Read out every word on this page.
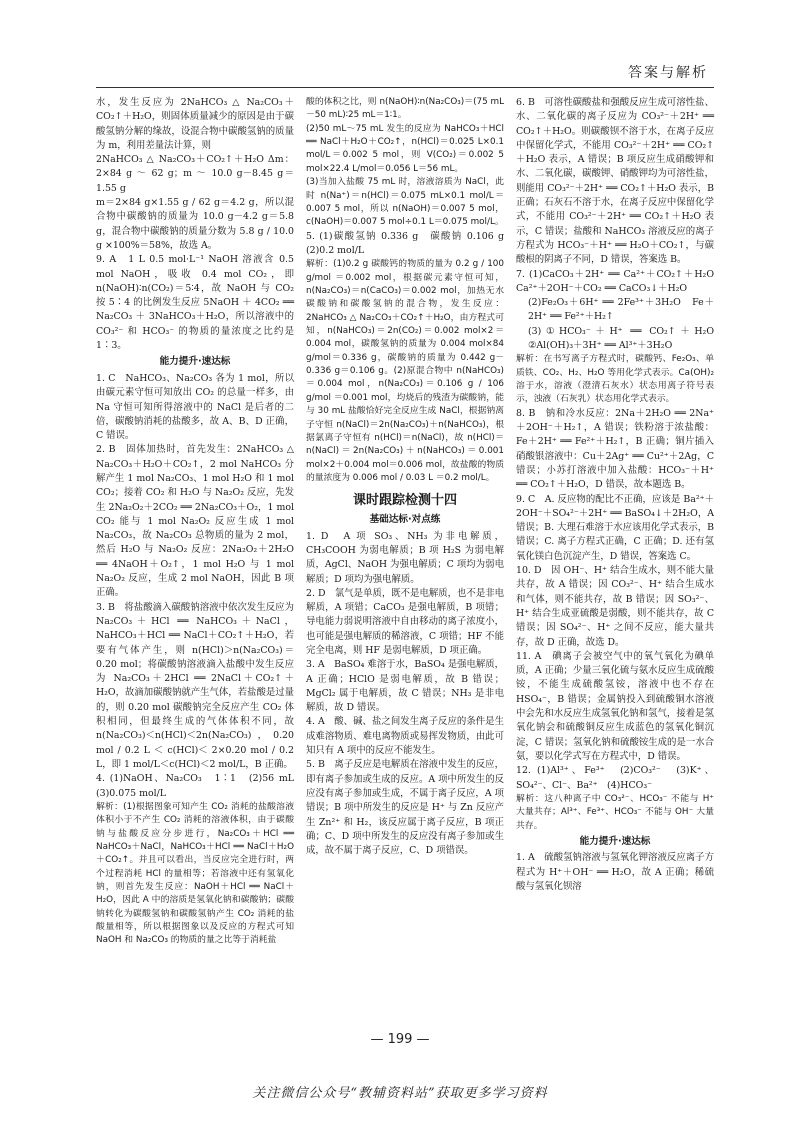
答案与解析

水，发生反应为 2NaHCO₃ △ Na₂CO₃＋CO₂↑＋H₂O，则固体质量减少的原因是由于碳酸氢钠分解的缘故，设混合物中碳酸氢钠的质量为 m，利用差量法计算，则

2NaHCO₃ △ Na₂CO₃＋CO₂↑＋H₂O Δm：2×84 g ～ 62 g；m ～ 10.0 g－8.45 g＝1.55 g

m＝2×84 g×1.55 g / 62 g＝4.2 g，所以混合物中碳酸钠的质量为 10.0 g－4.2 g＝5.8 g，混合物中碳酸钠的质量分数为 5.8 g / 10.0 g ×100%＝58%，故选 A。

9. A　1 L 0.5 mol·L⁻¹ NaOH 溶液含 0.5 mol NaOH，吸收 0.4 mol CO₂，即 n(NaOH)∶n(CO₂)＝5∶4，故 NaOH 与 CO₂ 按 5∶4 的比例发生反应 5NaOH ＋ 4CO₂ ══ Na₂CO₃ ＋ 3NaHCO₃＋H₂O，所以溶液中的 CO₃²⁻ 和 HCO₃⁻ 的物质的量浓度之比约是 1∶3。

能力提升·速达标

1. C　NaHCO₃、Na₂CO₃ 各为 1 mol，所以由碳元素守恒可知放出 CO₂ 的总量一样多，由 Na 守恒可知所得溶液中的 NaCl 是后者的二倍，碳酸钠消耗的盐酸多，故 A、B、D 正确，C 错误。

2. B　固体加热时，首先发生：2NaHCO₃ △ Na₂CO₃＋H₂O＋CO₂↑，2 mol NaHCO₃ 分解产生 1 mol Na₂CO₃、1 mol H₂O 和 1 mol CO₂；接着 CO₂ 和 H₂O 与 Na₂O₂ 反应，先发生 2Na₂O₂＋2CO₂ ══ 2Na₂CO₃＋O₂，1 mol CO₂ 能与 1 mol Na₂O₂ 反应生成 1 mol Na₂CO₃，故 Na₂CO₃ 总物质的量为 2 mol，然后 H₂O 与 Na₂O₂ 反应：2Na₂O₂＋2H₂O ══ 4NaOH＋O₂↑，1 mol H₂O 与 1 mol Na₂O₂ 反应，生成 2 mol NaOH，因此 B 项正确。

3. B　将盐酸滴入碳酸钠溶液中依次发生反应为 Na₂CO₃＋HCl ══ NaHCO₃＋NaCl，NaHCO₃＋HCl ══ NaCl＋CO₂↑＋H₂O，若要有气体产生，则 n(HCl)＞n(Na₂CO₃)＝0.20 mol；将碳酸钠溶液滴入盐酸中发生反应为 Na₂CO₃＋2HCl ══ 2NaCl＋CO₂↑＋H₂O，故滴加碳酸钠就产生气体，若盐酸是过量的，则 0.20 mol 碳酸钠完全反应产生 CO₂ 体积相同，但最终生成的气体体积不同，故 n(Na₂CO₃)＜n(HCl)＜2n(Na₂CO₃)，0.20 mol / 0.2 L ＜ c(HCl)＜ 2×0.20 mol / 0.2 L，即 1 mol/L＜c(HCl)＜2 mol/L，B 正确。

4. (1)NaOH、Na₂CO₃　1∶1　(2)56 mL　(3)0.075 mol/L

解析：(1)根据图象可知产生 CO₂ 消耗的盐酸溶液体积小于不产生 CO₂ 消耗的溶液体积，由于碳酸钠与盐酸反应分步进行，Na₂CO₃＋HCl ══ NaHCO₃＋NaCl，NaHCO₃＋HCl ══ NaCl＋H₂O＋CO₂↑。并且可以看出，当反应完全进行时，两个过程消耗 HCl 的量相等；若溶液中还有氢氧化钠，则首先发生反应：NaOH＋HCl ══ NaCl＋H₂O，因此 A 中的溶质是氢氧化钠和碳酸钠；碳酸钠转化为碳酸氢钠和碳酸氢钠产生 CO₂ 消耗的盐酸量相等，所以根据图象以及反应的方程式可知 NaOH 和 Na₂CO₃ 的物质的量之比等于消耗盐

酸的体积之比，则 n(NaOH)∶n(Na₂CO₃)＝(75 mL－50 mL)∶25 mL＝1∶1。

(2)50 mL～75 mL 发生的反应为 NaHCO₃＋HCl ══ NaCl＋H₂O＋CO₂↑，n(HCl)＝0.025 L×0.1 mol/L＝0.002 5 mol，则 V(CO₂)＝0.002 5 mol×22.4 L/mol＝0.056 L＝56 mL。

(3)当加入盐酸 75 mL 时，溶液溶质为 NaCl，此时 n(Na⁺)＝n(HCl)＝0.075 mL×0.1 mol/L＝0.007 5 mol，所以 n(NaOH)＝0.007 5 mol，c(NaOH)＝0.007 5 mol÷0.1 L＝0.075 mol/L。

5. (1)碳酸氢钠 0.336 g　碳酸钠 0.106 g　(2)0.2 mol/L

解析：(1)0.2 g 碳酸钙的物质的量为 0.2 g / 100 g/mol ＝0.002 mol，根据碳元素守恒可知，n(Na₂CO₃)＝n(CaCO₃)＝0.002 mol，加热无水碳酸钠和碳酸氢钠的混合物，发生反应：2NaHCO₃ △ Na₂CO₃＋CO₂↑＋H₂O，由方程式可知，n(NaHCO₃)＝2n(CO₂)＝0.002 mol×2＝0.004 mol，碳酸氢钠的质量为 0.004 mol×84 g/mol＝0.336 g，碳酸钠的质量为 0.442 g－0.336 g＝0.106 g。(2)原混合物中 n(NaHCO₃)＝0.004 mol，n(Na₂CO₃)＝0.106 g / 106 g/mol ＝0.001 mol，均烧后的残渣为碳酸钠，能与 30 mL 盐酸恰好完全反应生成 NaCl，根据钠离子守恒 n(NaCl)＝2n(Na₂CO₃)＋n(NaHCO₃)，根据氯离子守恒有 n(HCl)＝n(NaCl)，故 n(HCl)＝n(NaCl)＝2n(Na₂CO₃)＋n(NaHCO₃)＝0.001 mol×2＋0.004 mol＝0.006 mol，故盐酸的物质的量浓度为 0.006 mol / 0.03 L ＝0.2 mol/L。

课时跟踪检测十四

基础达标·对点练

1. D　A 项 SO₃、NH₃ 为非电解质，CH₃COOH 为弱电解质；B 项 H₂S 为弱电解质，AgCl、NaOH 为强电解质；C 项均为弱电解质；D 项均为强电解质。

2. D　氯气是单质，既不是电解质，也不是非电解质，A 项错；CaCO₃ 是强电解质，B 项错；导电能力弱说明溶液中自由移动的离子浓度小，也可能是强电解质的稀溶液，C 项错；HF 不能完全电离，则 HF 是弱电解质，D 项正确。

3. A　BaSO₄ 难溶于水，BaSO₄ 是强电解质，A 正确；HClO 是弱电解质，故 B 错误；MgCl₂ 属于电解质，故 C 错误；NH₃ 是非电解质，故 D 错误。

4. A　酸、碱、盐之间发生离子反应的条件是生成难溶物质、难电离物质或易挥发物质，由此可知只有 A 项中的反应不能发生。

5. B　离子反应是电解质在溶液中发生的反应，即有离子参加或生成的反应。A 项中所发生的反应没有离子参加或生成，不属于离子反应，A 项错误；B 项中所发生的反应是 H⁺ 与 Zn 反应产生 Zn²⁺ 和 H₂，该反应属于离子反应，B 项正确；C、D 项中所发生的反应没有离子参加或生成，故不属于离子反应，C、D 项错误。

6. B　可溶性碳酸盐和强酸反应生成可溶性盐、水、二氧化碳的离子反应为 CO₃²⁻＋2H⁺ ══ CO₂↑＋H₂O。则碳酸钡不溶于水，在离子反应中保留化学式，不能用 CO₃²⁻＋2H⁺ ══ CO₂↑＋H₂O 表示，A 错误；B 项反应生成硝酸钾和水、二氧化碳，碳酸钾、硝酸钾均为可溶性盐，则能用 CO₃²⁻＋2H⁺ ══ CO₂↑＋H₂O 表示，B 正确；石灰石不溶于水，在离子反应中保留化学式，不能用 CO₃²⁻＋2H⁺ ══ CO₂↑＋H₂O 表示，C 错误；盐酸和 NaHCO₃ 溶液反应的离子方程式为 HCO₃⁻＋H⁺ ══ H₂O＋CO₂↑，与碳酸根的阴离子不同，D 错误，答案选 B。

7. (1)CaCO₃＋2H⁺ ══ Ca²⁺＋CO₂↑＋H₂O　Ca²⁺＋2OH⁻＋CO₂ ══ CaCO₃↓＋H₂O

(2)Fe₂O₃＋6H⁺ ══ 2Fe³⁺＋3H₂O　Fe＋2H⁺ ══ Fe²⁺＋H₂↑

(3)①HCO₃⁻＋H⁺ ══ CO₂↑＋H₂O　②Al(OH)₃＋3H⁺ ══ Al³⁺＋3H₂O

解析：在书写离子方程式时，碳酸钙、Fe₂O₃、单质铁、CO₂、H₂、H₂O 等用化学式表示。Ca(OH)₂ 溶于水，溶液（澄清石灰水）状态用离子符号表示，浊液（石灰乳）状态用化学式表示。

8. B　钠和冷水反应：2Na＋2H₂O ══ 2Na⁺＋2OH⁻＋H₂↑，A 错误；铁粉溶于浓盐酸：Fe＋2H⁺ ══ Fe²⁺＋H₂↑，B 正确；铜片插入硝酸银溶液中：Cu＋2Ag⁺ ══ Cu²⁺＋2Ag，C 错误；小苏打溶液中加入盐酸：HCO₃⁻＋H⁺ ══ CO₂↑＋H₂O，D 错误，故本题选 B。

9. C　A. 反应物的配比不正确，应该是 Ba²⁺＋2OH⁻＋SO₄²⁻＋2H⁺ ══ BaSO₄↓＋2H₂O，A 错误；B. 大理石难溶于水应该用化学式表示，B 错误；C. 离子方程式正确，C 正确；D. 还有氢氧化镁白色沉淀产生，D 错误，答案选 C。

10. D　因 OH⁻、H⁺ 结合生成水，则不能大量共存，故 A 错误；因 CO₃²⁻、H⁺ 结合生成水和气体，则不能共存，故 B 错误；因 SO₃²⁻、H⁺ 结合生成亚硫酸是弱酸，则不能共存，故 C 错误；因 SO₄²⁻、H⁺ 之间不反应，能大量共存，故 D 正确，故选 D。

11. A　碘离子会被空气中的氧气氧化为碘单质，A 正确；少量三氧化硫与氨水反应生成硫酸铵，不能生成硫酸氢铵，溶液中也不存在 HSO₄⁻，B 错误；金属钠投入到硫酸铜水溶液中会先和水反应生成氢氧化钠和氢气，接着是氢氧化钠会和硫酸铜反应生成蓝色的氢氧化铜沉淀，C 错误；氢氧化钠和硫酸铵生成的是一水合氨，要以化学式写在方程式中，D 错误。

12. (1)Al³⁺、Fe³⁺　(2)CO₃²⁻　(3)K⁺、SO₄²⁻、Cl⁻、Ba²⁺　(4)HCO₃⁻

解析：这八种离子中 CO₃²⁻、HCO₃⁻ 不能与 H⁺ 大量共存；Al³⁺、Fe³⁺、HCO₃⁻ 不能与 OH⁻ 大量共存。

能力提升·速达标

1. A　硫酸氢钠溶液与氢氧化钾溶液反应离子方程式为 H⁺＋OH⁻ ══ H₂O，故 A 正确；稀硫酸与氢氧化钡溶

— 199 —
关注微信公众号“教辅资料站”获取更多学习资料
